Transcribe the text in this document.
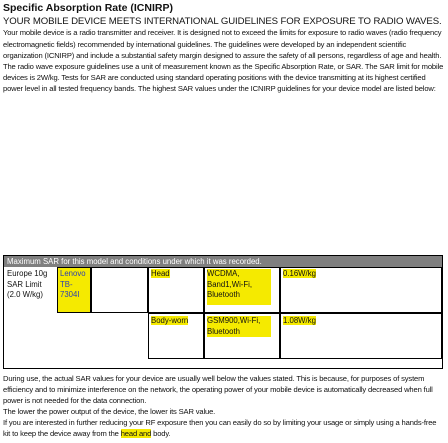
Specific Absorption Rate (ICNIRP)
YOUR MOBILE DEVICE MEETS INTERNATIONAL GUIDELINES FOR EXPOSURE TO RADIO WAVES.
Your mobile device is a radio transmitter and receiver. It is designed not to exceed the limits for exposure to radio waves (radio frequency electromagnetic fields) recommended by international guidelines. The guidelines were developed by an independent scientific organization (ICNIRP) and include a substantial safety margin designed to assure the safety of all persons, regardless of age and health.
The radio wave exposure guidelines use a unit of measurement known as the Specific Absorption Rate, or SAR. The SAR limit for mobile devices is 2W/kg. Tests for SAR are conducted using standard operating positions with the device transmitting at its highest certified power level in all tested frequency bands. The highest SAR values under the ICNIRP guidelines for your device model are listed below:
Maximum SAR for this model and conditions under which it was recorded.
Europe 10g SAR Limit (2.0 W/kg)
Lenovo
TB-7304I
Head	WCDMA, Band1,Wi-Fi, Bluetooth
0.16W/kg
Body-worn	GSM900,Wi-Fi, Bluetooth
1.08W/kg
During use, the actual SAR values for your device are usually well below the values stated. This is because, for purposes of system efficiency and to minimize interference on the network, the operating power of your mobile device is automatically decreased when full power is not needed for the data connection.
The lower the power output of the device, the lower its SAR value.
If you are interested in further reducing your RF exposure then you can easily do so by limiting your usage or simply using a hands-free kit to keep the device away from the head and body.
